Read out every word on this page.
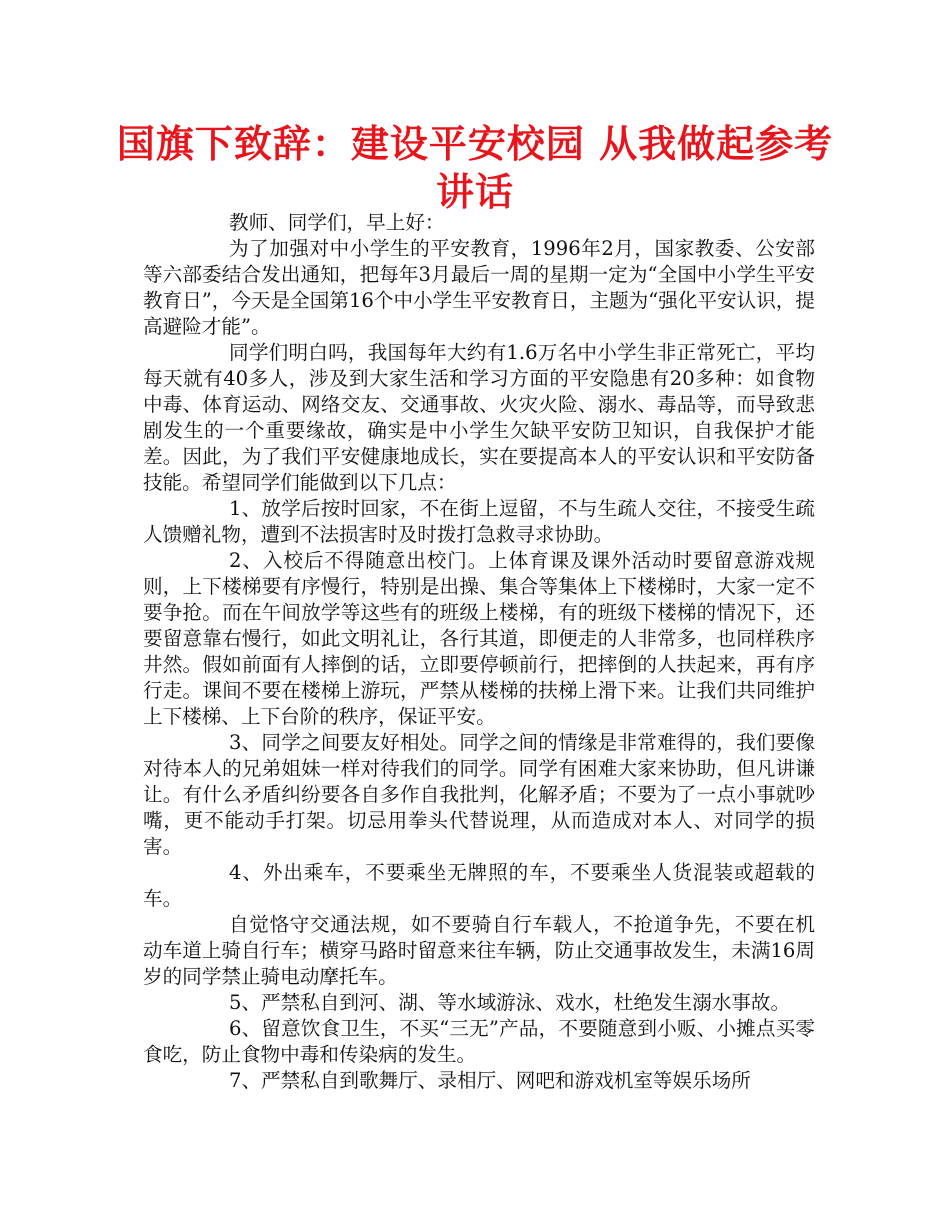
国旗下致辞：建设平安校园 从我做起参考讲话

教师、同学们，早上好：

为了加强对中小学生的平安教育，1996年2月，国家教委、公安部等六部委结合发出通知，把每年3月最后一周的星期一定为“全国中小学生平安教育日”，今天是全国第16个中小学生平安教育日，主题为“强化平安认识，提高避险才能”。

同学们明白吗，我国每年大约有1.6万名中小学生非正常死亡，平均每天就有40多人，涉及到大家生活和学习方面的平安隐患有20多种：如食物中毒、体育运动、网络交友、交通事故、火灾火险、溺水、毒品等，而导致悲剧发生的一个重要缘故，确实是中小学生欠缺平安防卫知识，自我保护才能差。因此，为了我们平安健康地成长，实在要提高本人的平安认识和平安防备技能。希望同学们能做到以下几点：

1、放学后按时回家，不在街上逗留，不与生疏人交往，不接受生疏人馈赠礼物，遭到不法损害时及时拨打急救寻求协助。

2、入校后不得随意出校门。上体育课及课外活动时要留意游戏规则，上下楼梯要有序慢行，特别是出操、集合等集体上下楼梯时，大家一定不要争抢。而在午间放学等这些有的班级上楼梯，有的班级下楼梯的情况下，还要留意靠右慢行，如此文明礼让，各行其道，即便走的人非常多，也同样秩序井然。假如前面有人摔倒的话，立即要停顿前行，把摔倒的人扶起来，再有序行走。课间不要在楼梯上游玩，严禁从楼梯的扶梯上滑下来。让我们共同维护上下楼梯、上下台阶的秩序，保证平安。

3、同学之间要友好相处。同学之间的情缘是非常难得的，我们要像对待本人的兄弟姐妹一样对待我们的同学。同学有困难大家来协助，但凡讲谦让。有什么矛盾纠纷要各自多作自我批判，化解矛盾；不要为了一点小事就吵嘴，更不能动手打架。切忌用拳头代替说理，从而造成对本人、对同学的损害。

4、外出乘车，不要乘坐无牌照的车，不要乘坐人货混装或超载的车。

自觉恪守交通法规，如不要骑自行车载人，不抢道争先，不要在机动车道上骑自行车；横穿马路时留意来往车辆，防止交通事故发生，未满16周岁的同学禁止骑电动摩托车。

5、严禁私自到河、湖、等水域游泳、戏水，杜绝发生溺水事故。

6、留意饮食卫生，不买“三无”产品，不要随意到小贩、小摊点买零食吃，防止食物中毒和传染病的发生。

7、严禁私自到歌舞厅、录相厅、网吧和游戏机室等娱乐场所
